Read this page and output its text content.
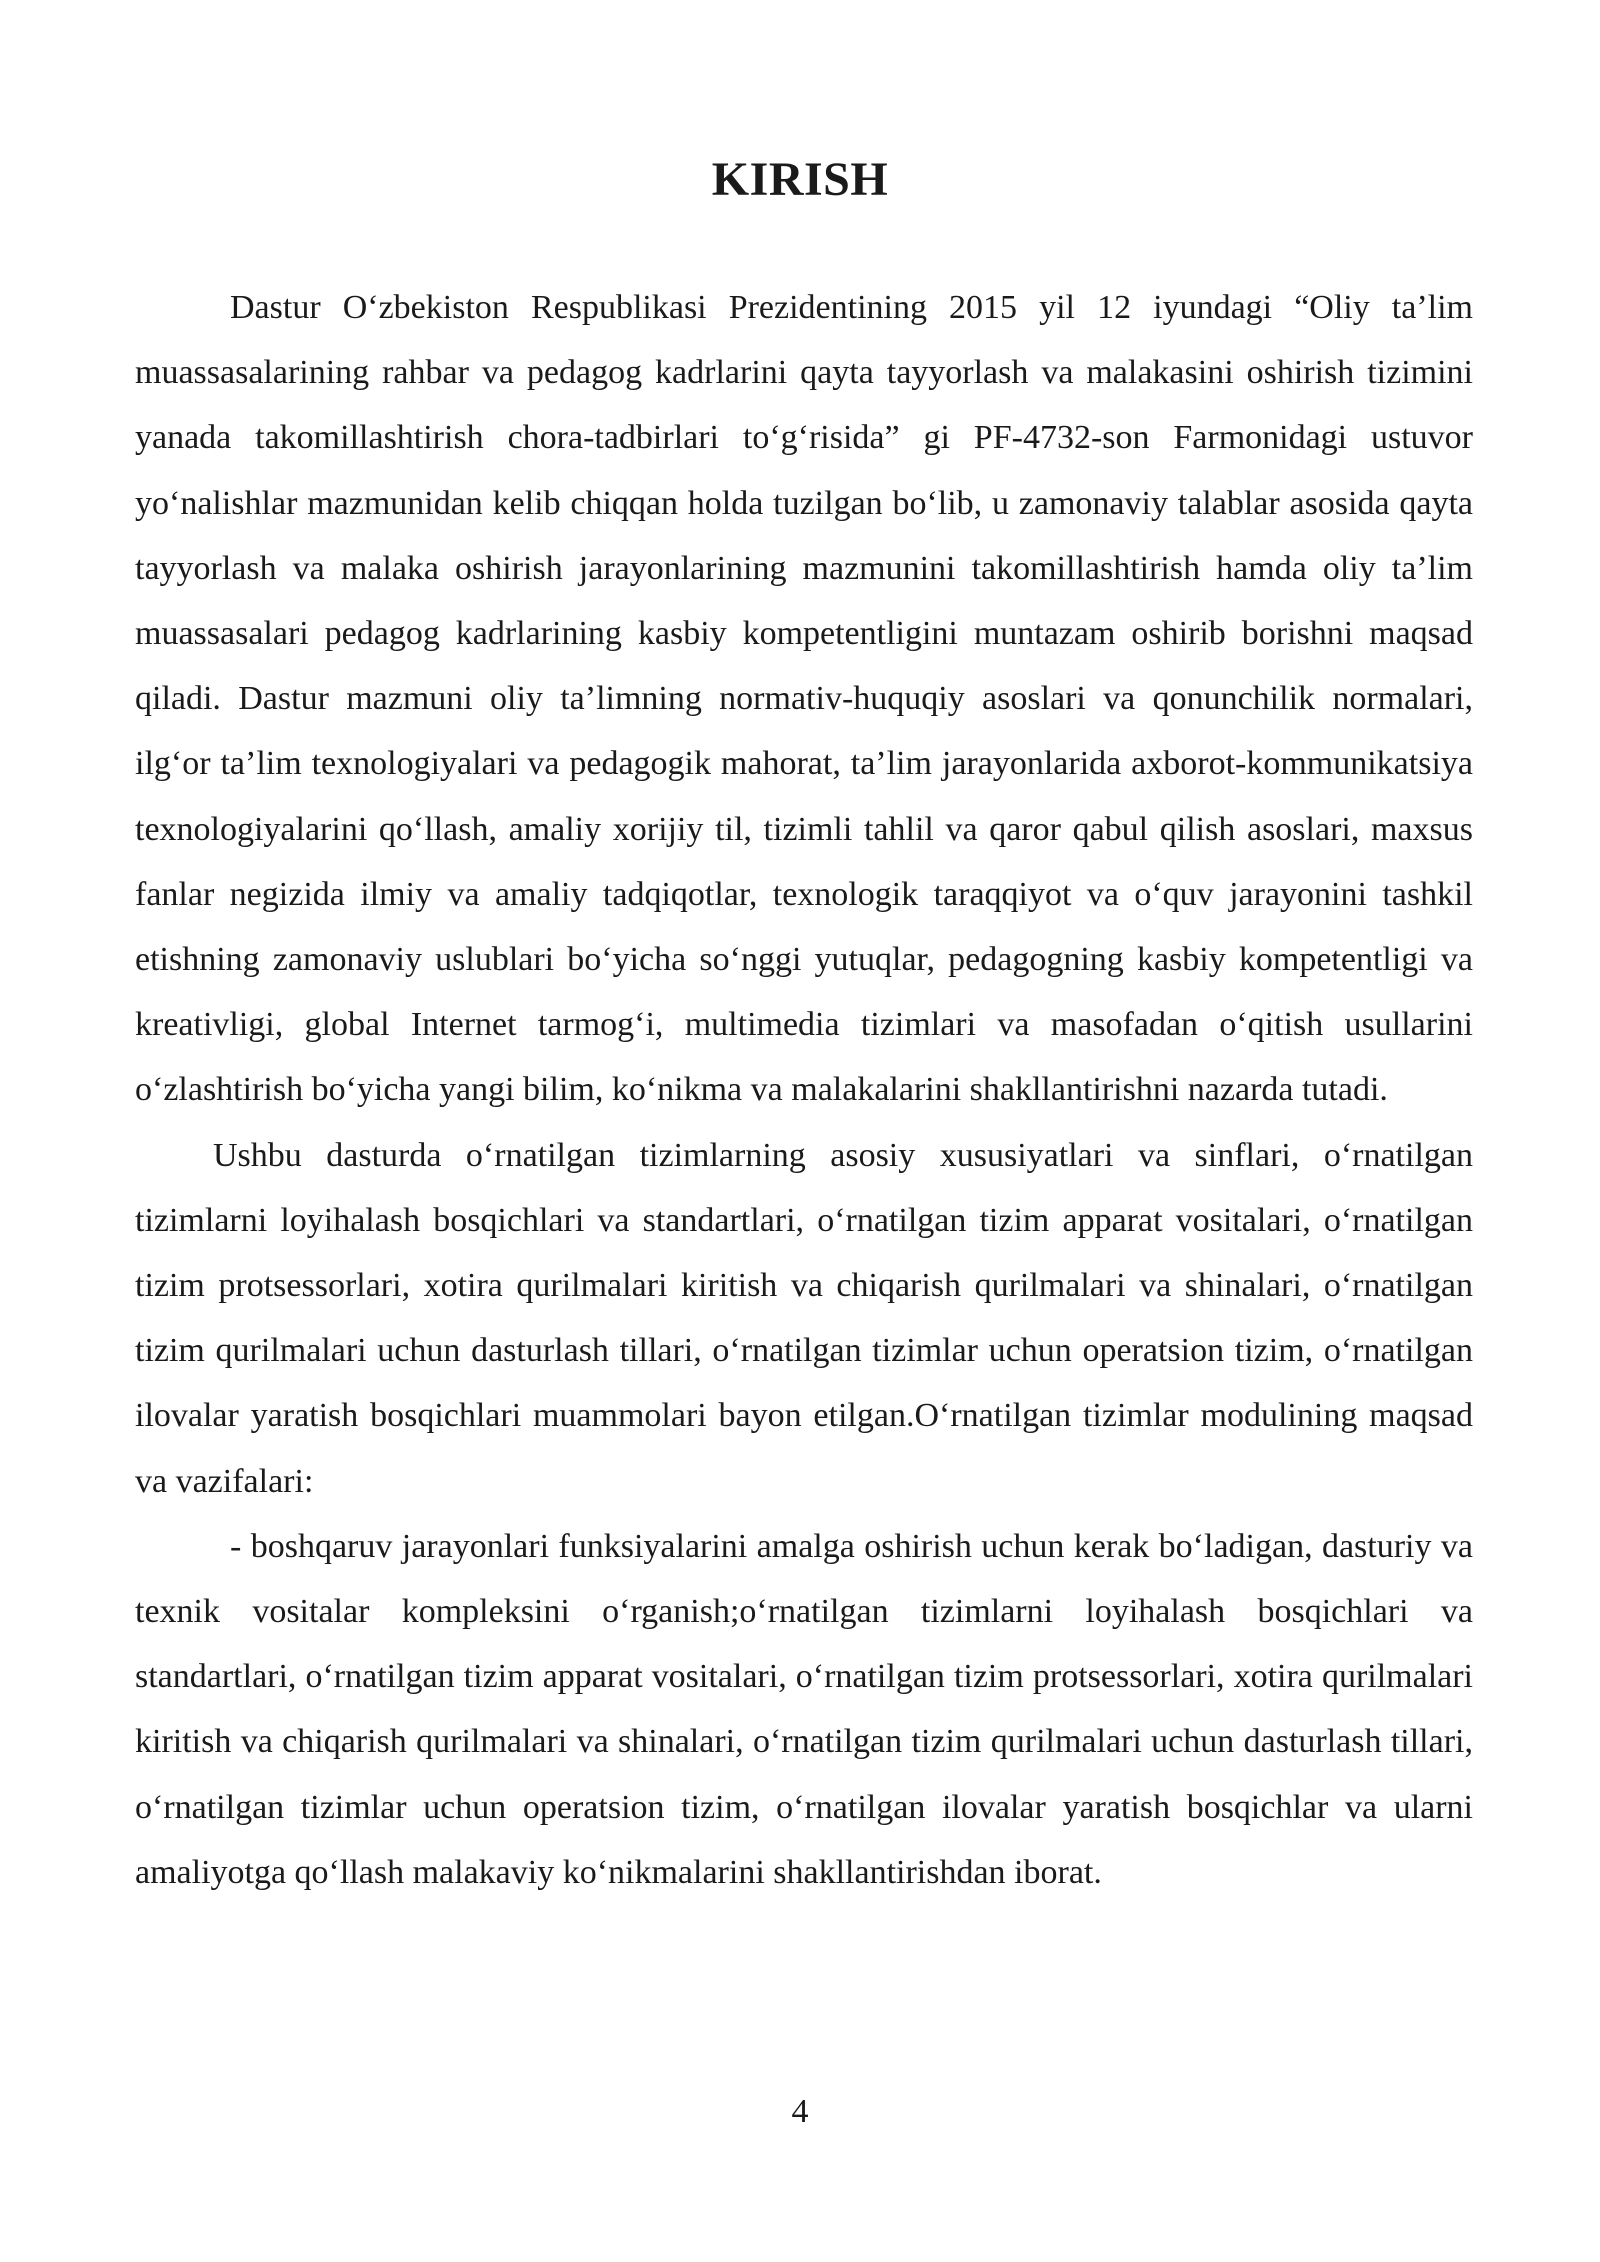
KIRISH

Dastur O‘zbekiston Respublikasi Prezidentining 2015 yil 12 iyundagi “Oliy ta’lim muassasalarining rahbar va pedagog kadrlarini qayta tayyorlash va malakasini oshirish tizimini yanada takomillashtirish chora-tadbirlari to‘g‘risida” gi PF-4732-son Farmonidagi ustuvor yo‘nalishlar mazmunidan kelib chiqqan holda tuzilgan bo‘lib, u zamonaviy talablar asosida qayta tayyorlash va malaka oshirish jarayonlarining mazmunini takomillashtirish hamda oliy ta’lim muassasalari pedagog kadrlarining kasbiy kompetentligini muntazam oshirib borishni maqsad qiladi. Dastur mazmuni oliy ta’limning normativ-huquqiy asoslari va qonunchilik normalari, ilg‘or ta’lim texnologiyalari va pedagogik mahorat, ta’lim jarayonlarida axborot-kommunikatsiya texnologiyalarini qo‘llash, amaliy xorijiy til, tizimli tahlil va qaror qabul qilish asoslari, maxsus fanlar negizida ilmiy va amaliy tadqiqotlar, texnologik taraqqiyot va o‘quv jarayonini tashkil etishning zamonaviy uslublari bo‘yicha so‘nggi yutuqlar, pedagogning kasbiy kompetentligi va kreativligi, global Internet tarmog‘i, multimedia tizimlari va masofadan o‘qitish usullarini o‘zlashtirish bo‘yicha yangi bilim, ko‘nikma va malakalarini shakllantirishni nazarda tutadi.

Ushbu dasturda o‘rnatilgan tizimlarning asosiy xususiyatlari va sinflari, o‘rnatilgan tizimlarni loyihalash bosqichlari va standartlari, o‘rnatilgan tizim apparat vositalari, o‘rnatilgan tizim protsessorlari, xotira qurilmalari kiritish va chiqarish qurilmalari va shinalari, o‘rnatilgan tizim qurilmalari uchun dasturlash tillari, o‘rnatilgan tizimlar uchun operatsion tizim, o‘rnatilgan ilovalar yaratish bosqichlari muammolari bayon etilgan.O‘rnatilgan tizimlar modulining maqsad va vazifalari:

- boshqaruv jarayonlari funksiyalarini amalga oshirish uchun kerak bo‘ladigan, dasturiy va texnik vositalar kompleksini o‘rganish;o‘rnatilgan tizimlarni loyihalash bosqichlari va standartlari, o‘rnatilgan tizim apparat vositalari, o‘rnatilgan tizim protsessorlari, xotira qurilmalari kiritish va chiqarish qurilmalari va shinalari, o‘rnatilgan tizim qurilmalari uchun dasturlash tillari, o‘rnatilgan tizimlar uchun operatsion tizim, o‘rnatilgan ilovalar yaratish bosqichlar va ularni amaliyotga qo‘llash malakaviy ko‘nikmalarini shakllantirishdan iborat.

4
